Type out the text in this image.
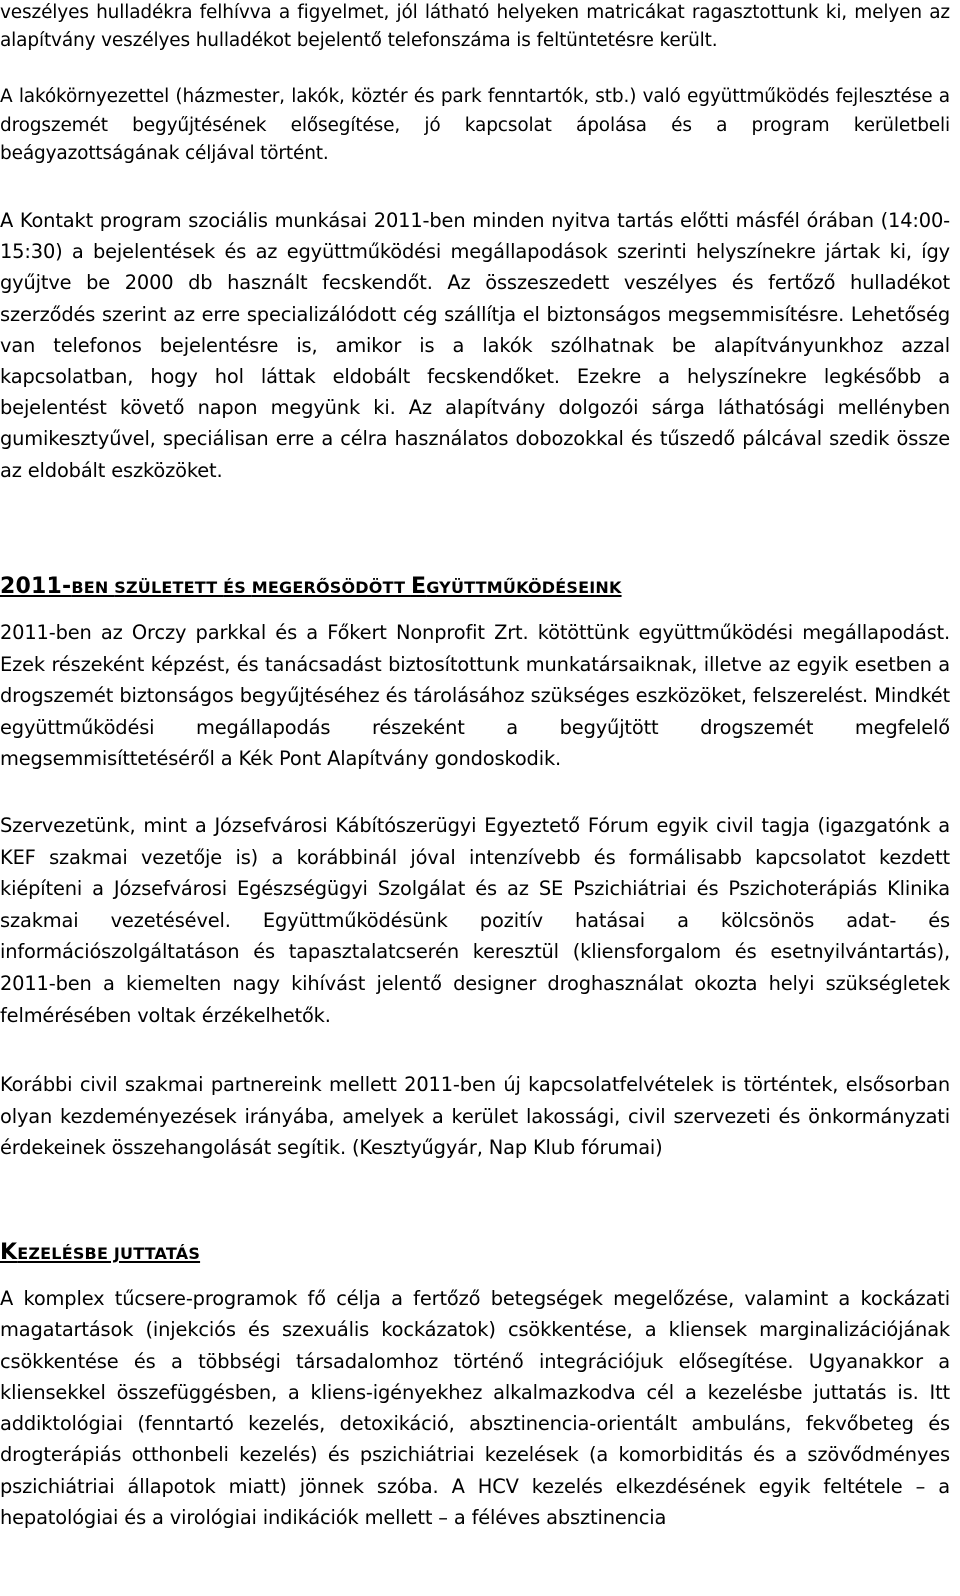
veszélyes hulladékra felhívva a figyelmet, jól látható helyeken matricákat ragasztottunk ki, melyen az alapítvány veszélyes hulladékot bejelentő telefonszáma is feltüntetésre került.

A lakókörnyezettel (házmester, lakók, köztér és park fenntartók, stb.) való együttműködés fejlesztése a drogszemét begyűjtésének elősegítése, jó kapcsolat ápolása és a program kerületbeli beágyazottságának céljával történt.

A Kontakt program szociális munkásai 2011-ben minden nyitva tartás előtti másfél órában (14:00-15:30) a bejelentések és az együttműködési megállapodások szerinti helyszínekre jártak ki, így gyűjtve be 2000 db használt fecskendőt. Az összeszedett veszélyes és fertőző hulladékot szerződés szerint az erre specializálódott cég szállítja el biztonságos megsemmisítésre. Lehetőség van telefonos bejelentésre is, amikor is a lakók szólhatnak be alapítványunkhoz azzal kapcsolatban, hogy hol láttak eldobált fecskendőket. Ezekre a helyszínekre legkésőbb a bejelentést követő napon megyünk ki. Az alapítvány dolgozói sárga láthatósági mellényben gumikesztyűvel, speciálisan erre a célra használatos dobozokkal és tűszedő pálcával szedik össze az eldobált eszközöket.

2011-BEN SZÜLETETT ÉS MEGERŐSÖDÖTT EGYÜTTMŰKÖDÉSEINK

2011-ben az Orczy parkkal és a Főkert Nonprofit Zrt. kötöttünk együttműködési megállapodást. Ezek részeként képzést, és tanácsadást biztosítottunk munkatársaiknak, illetve az egyik esetben a drogszemét biztonságos begyűjtéséhez és tárolásához szükséges eszközöket, felszerelést. Mindkét együttműködési megállapodás részeként a begyűjtött drogszemét megfelelő megsemmisíttetéséről a Kék Pont Alapítvány gondoskodik.

Szervezetünk, mint a Józsefvárosi Kábítószerügyi Egyeztető Fórum egyik civil tagja (igazgatónk a KEF szakmai vezetője is) a korábbinál jóval intenzívebb és formálisabb kapcsolatot kezdett kiépíteni a Józsefvárosi Egészségügyi Szolgálat és az SE Pszichiátriai és Pszichoterápiás Klinika szakmai vezetésével. Együttműködésünk pozitív hatásai a kölcsönös adat- és információszolgáltatáson és tapasztalatcserén keresztül (kliensforgalom és esetnyilvántartás), 2011-ben a kiemelten nagy kihívást jelentő designer droghasználat okozta helyi szükségletek felmérésében voltak érzékelhetők.

Korábbi civil szakmai partnereink mellett 2011-ben új kapcsolatfelvételek is történtek, elsősorban olyan kezdeményezések irányába, amelyek a kerület lakossági, civil szervezeti és önkormányzati érdekeinek összehangolását segítik. (Kesztyűgyár, Nap Klub fórumai)

KEZELÉSBE JUTTATÁS

A komplex tűcsere-programok fő célja a fertőző betegségek megelőzése, valamint a kockázati magatartások (injekciós és szexuális kockázatok) csökkentése, a kliensek marginalizációjának csökkentése és a többségi társadalomhoz történő integrációjuk elősegítése. Ugyanakkor a kliensekkel összefüggésben, a kliens-igényekhez alkalmazkodva cél a kezelésbe juttatás is. Itt addiktológiai (fenntartó kezelés, detoxikáció, absztinencia-orientált ambuláns, fekvőbeteg és drogterápiás otthonbeli kezelés) és pszichiátriai kezelések (a komorbiditás és a szövődményes pszichiátriai állapotok miatt) jönnek szóba. A HCV kezelés elkezdésének egyik feltétele – a hepatológiai és a virológiai indikációk mellett – a féléves absztinencia
